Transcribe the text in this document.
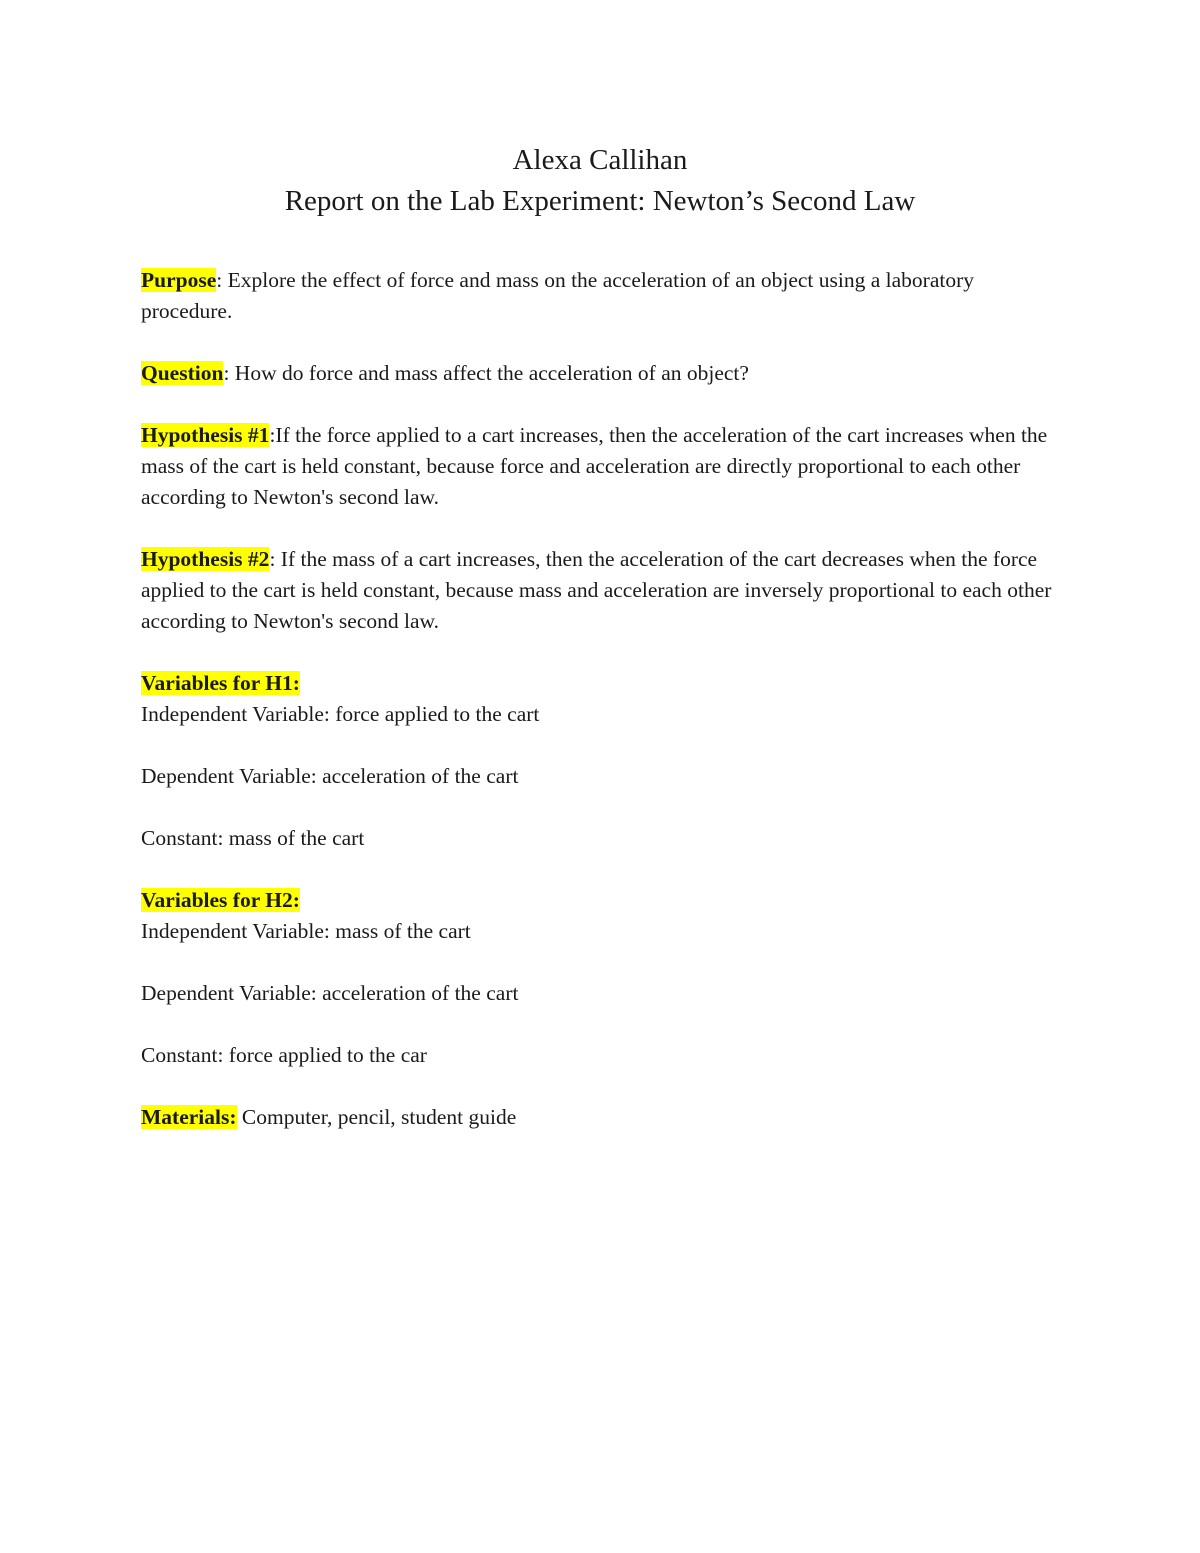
Alexa Callihan
Report on the Lab Experiment: Newton’s Second Law

Purpose: Explore the effect of force and mass on the acceleration of an object using a laboratory procedure.

Question: How do force and mass affect the acceleration of an object?

Hypothesis #1:If the force applied to a cart increases, then the acceleration of the cart increases when the mass of the cart is held constant, because force and acceleration are directly proportional to each other according to Newton's second law.

Hypothesis #2: If the mass of a cart increases, then the acceleration of the cart decreases when the force applied to the cart is held constant, because mass and acceleration are inversely proportional to each other according to Newton's second law.

Variables for H1:

Independent Variable: force applied to the cart

Dependent Variable: acceleration of the cart

Constant: mass of the cart

Variables for H2:

Independent Variable: mass of the cart

Dependent Variable: acceleration of the cart

Constant: force applied to the car

Materials: Computer, pencil, student guide
